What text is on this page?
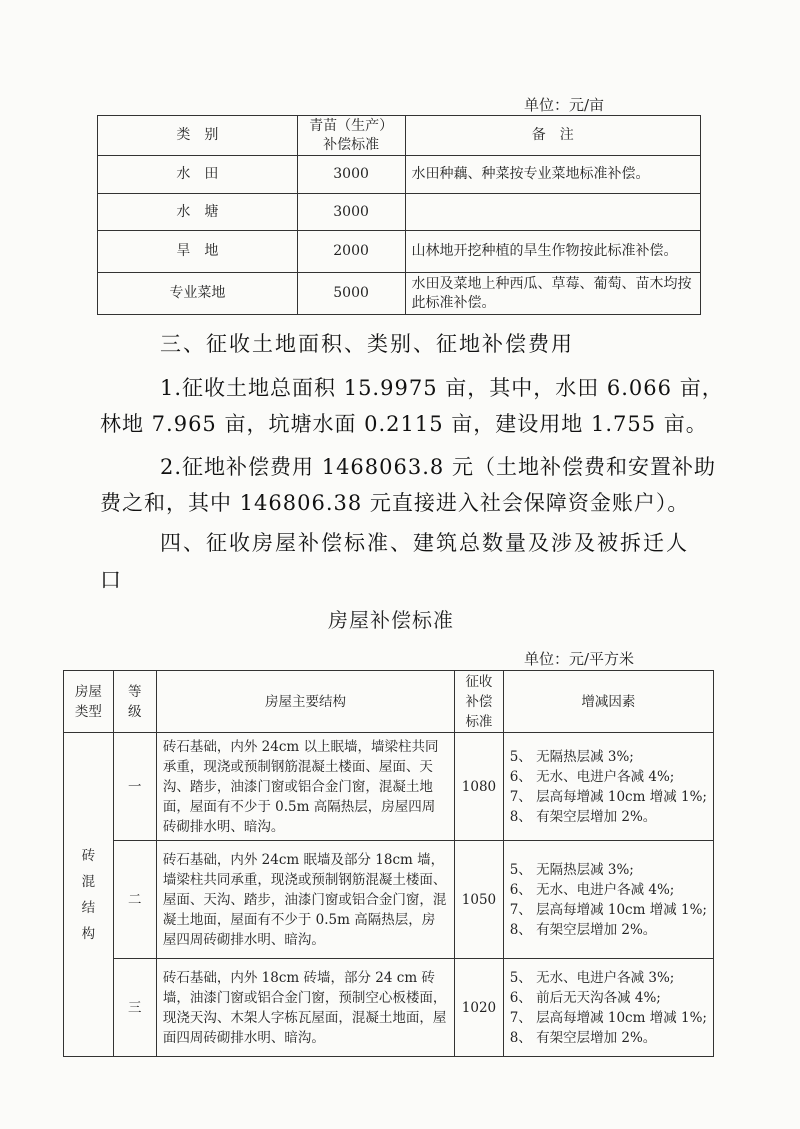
单位：元/亩
类　别	青苗（生产）补偿标准	备　注
水　田	3000	水田种藕、种菜按专业菜地标准补偿。
水　塘	3000	
旱　地	2000	山林地开挖种植的旱生作物按此标准补偿。
专业菜地	5000	水田及菜地上种西瓜、草莓、葡萄、苗木均按此标准补偿。
三、征收土地面积、类别、征地补偿费用
1.征收土地总面积 15.9975 亩，其中，水田 6.066 亩，
林地 7.965 亩，坑塘水面 0.2115 亩，建设用地 1.755 亩。
2.征地补偿费用 1468063.8 元（土地补偿费和安置补助
费之和，其中 146806.38 元直接进入社会保障资金账户）。
四、征收房屋补偿标准、建筑总数量及涉及被拆迁人
口
房屋补偿标准
单位：元/平方米
房屋类型	等级	房屋主要结构	征收补偿标准	增减因素

砖混结构	一	砖石基础，内外 24cm 以上眠墙，墙梁柱共同承重，现浇或预制钢筋混凝土楼面、屋面、天沟、踏步，油漆门窗或铝合金门窗，混凝土地面，屋面有不少于 0.5m 高隔热层，房屋四周砖砌排水明、暗沟。	1080	5、 无隔热层减 3%;
6、 无水、电进户各减 4%;
7、 层高每增减 10cm 增减 1%;
8、 有架空层增加 2%。

	二	砖石基础，内外 24cm 眠墙及部分 18cm 墙，墙梁柱共同承重，现浇或预制钢筋混凝土楼面、屋面、天沟、踏步，油漆门窗或铝合金门窗，混凝土地面，屋面有不少于 0.5m 高隔热层，房屋四周砖砌排水明、暗沟。	1050	5、 无隔热层减 3%;
6、 无水、电进户各减 4%;
7、 层高每增减 10cm 增减 1%;
8、 有架空层增加 2%。

	三	砖石基础，内外 18cm 砖墙，部分 24 cm 砖墙，油漆门窗或铝合金门窗，预制空心板楼面，现浇天沟、木架人字栋瓦屋面，混凝土地面，屋面四周砖砌排水明、暗沟。	1020	5、 无水、电进户各减 3%;
6、 前后无天沟各减 4%;
7、 层高每增减 10cm 增减 1%;
8、 有架空层增加 2%。
